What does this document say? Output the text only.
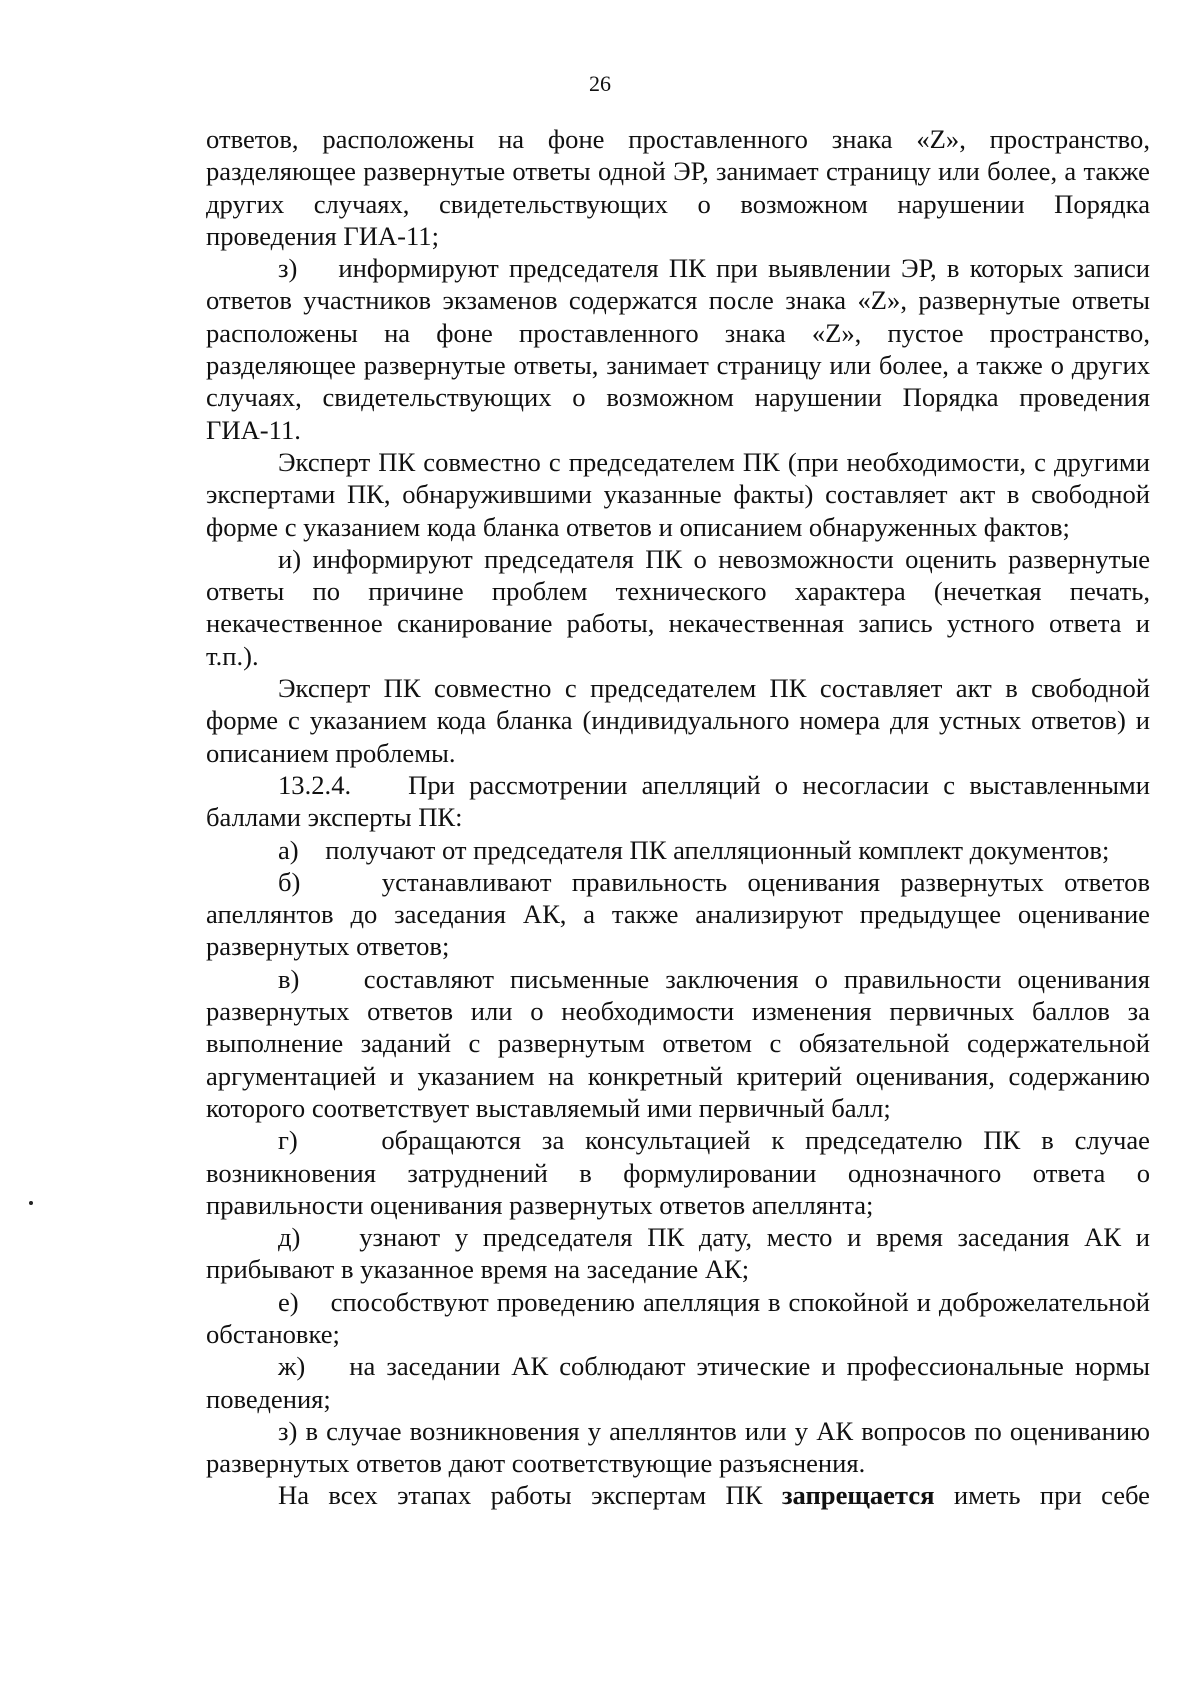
26

ответов, расположены на фоне проставленного знака «Z», пространство, разделяющее развернутые ответы одной ЭР, занимает страницу или более, а также других случаях, свидетельствующих о возможном нарушении Порядка проведения ГИА-11;

з)    информируют председателя ПК при выявлении ЭР, в которых записи ответов участников экзаменов содержатся после знака «Z», развернутые ответы расположены на фоне проставленного знака «Z», пустое пространство, разделяющее развернутые ответы, занимает страницу или более, а также о других случаях, свидетельствующих о возможном нарушении Порядка проведения ГИА-11.

Эксперт ПК совместно с председателем ПК (при необходимости, с другими экспертами ПК, обнаружившими указанные факты) составляет акт в свободной форме с указанием кода бланка ответов и описанием обнаруженных фактов;

и) информируют председателя ПК о невозможности оценить развернутые ответы по причине проблем технического характера (нечеткая печать, некачественное сканирование работы, некачественная запись устного ответа и т.п.).

Эксперт ПК совместно с председателем ПК составляет акт в свободной форме с указанием кода бланка (индивидуального номера для устных ответов) и описанием проблемы.

13.2.4.    При рассмотрении апелляций о несогласии с выставленными баллами эксперты ПК:

а)    получают от председателя ПК апелляционный комплект документов;

б)    устанавливают правильность оценивания развернутых ответов апеллянтов до заседания АК, а также анализируют предыдущее оценивание развернутых ответов;

в)    составляют письменные заключения о правильности оценивания развернутых ответов или о необходимости изменения первичных баллов за выполнение заданий с развернутым ответом с обязательной содержательной аргументацией и указанием на конкретный критерий оценивания, содержанию которого соответствует выставляемый ими первичный балл;

г)    обращаются за консультацией к председателю ПК в случае возникновения затруднений в формулировании однозначного ответа о правильности оценивания развернутых ответов апеллянта;

д)    узнают у председателя ПК дату, место и время заседания АК и прибывают в указанное время на заседание АК;

е)    способствуют проведению апелляция в спокойной и доброжелательной обстановке;

ж)    на заседании АК соблюдают этические и профессиональные нормы поведения;

з) в случае возникновения у апеллянтов или у АК вопросов по оцениванию развернутых ответов дают соответствующие разъяснения.

На всех этапах работы экспертам ПК запрещается иметь при себе
